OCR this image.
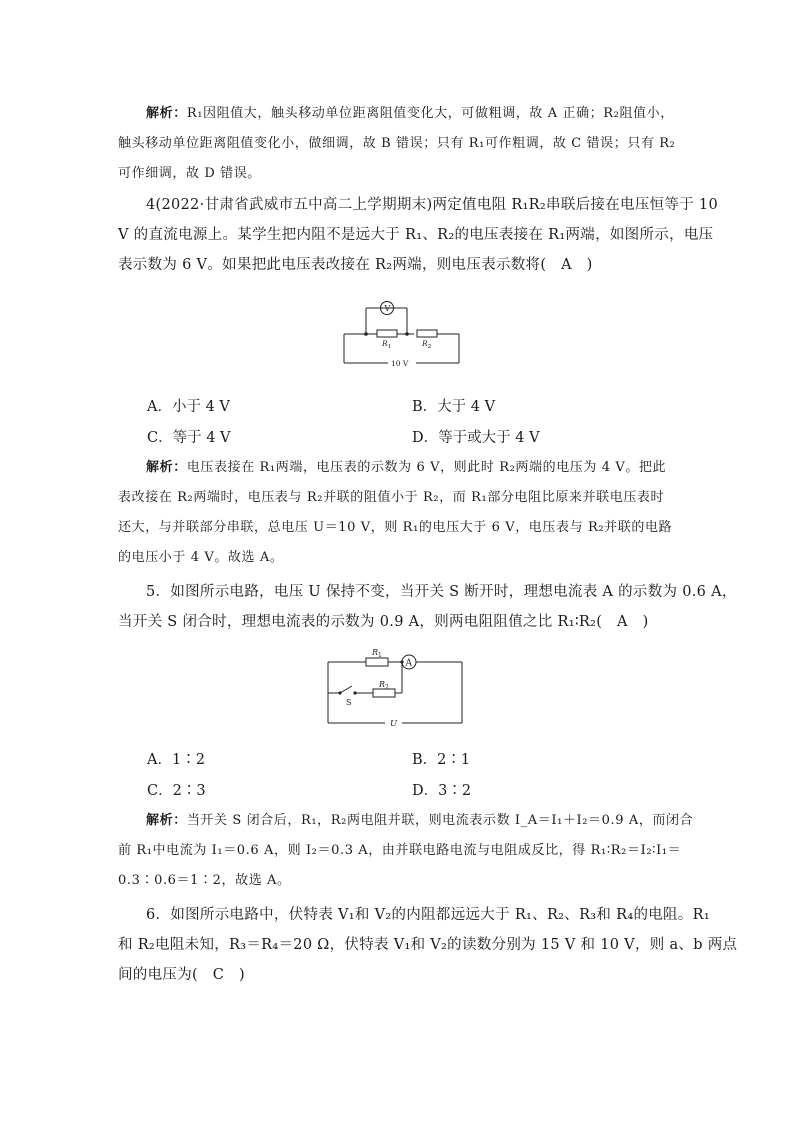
解析：R₁因阻值大，触头移动单位距离阻值变化大，可做粗调，故 A 正确；R₂阻值小，
触头移动单位距离阻值变化小，做细调，故 B 错误；只有 R₁可作粗调，故 C 错误；只有 R₂
可作细调，故 D 错误。
4(2022·甘肃省武威市五中高二上学期期末)两定值电阻 R₁R₂串联后接在电压恒等于 10
V 的直流电源上。某学生把内阻不是远大于 R₁、R₂的电压表接在 R₁两端，如图所示，电压
表示数为 6 V。如果把此电压表改接在 R₂两端，则电压表示数将(　A　)
V
$R_1$	$R_2$
10 V
A．小于 4 V	B．大于 4 V
C．等于 4 V	D．等于或大于 4 V
解析：电压表接在 R₁两端，电压表的示数为 6 V，则此时 R₂两端的电压为 4 V。把此
表改接在 R₂两端时，电压表与 R₂并联的阻值小于 R₂，而 R₁部分电阻比原来并联电压表时
还大，与并联部分串联，总电压 U＝10 V，则 R₁的电压大于 6 V，电压表与 R₂并联的电路
的电压小于 4 V。故选 A。
5．如图所示电路，电压 U 保持不变，当开关 S 断开时，理想电流表 A 的示数为 0.6 A，
当开关 S 闭合时，理想电流表的示数为 0.9 A，则两电阻阻值之比 R₁∶R₂(　A　)
A
$R_1$
$R_2$
S
U
A．1∶2	B．2∶1
C．2∶3	D．3∶2
解析：当开关 S 闭合后，R₁，R₂两电阻并联，则电流表示数 I_A＝I₁＋I₂＝0.9 A，而闭合
前 R₁中电流为 I₁＝0.6 A，则 I₂＝0.3 A，由并联电路电流与电阻成反比，得 R₁∶R₂＝I₂∶I₁＝
0.3∶0.6＝1∶2，故选 A。
6．如图所示电路中，伏特表 V₁和 V₂的内阻都远远大于 R₁、R₂、R₃和 R₄的电阻。R₁
和 R₂电阻未知，R₃＝R₄＝20 Ω，伏特表 V₁和 V₂的读数分别为 15 V 和 10 V，则 a、b 两点
间的电压为(　C　)
